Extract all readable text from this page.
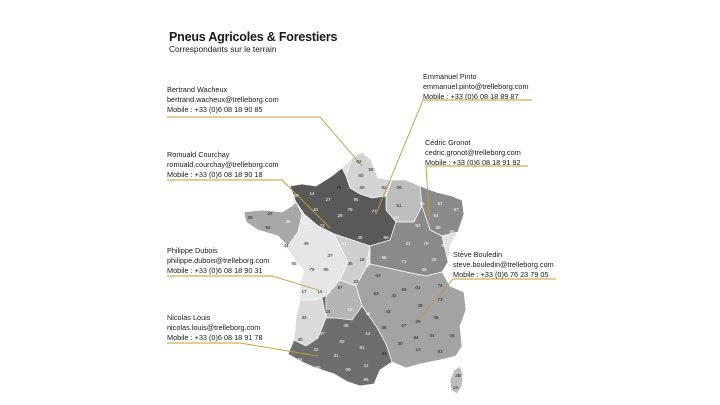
Pneus Agricoles & Forestiers
Correspondants sur le terrain
Bertrand Wacheux
bertrand.wacheux@trelleborg.com
Mobile : +33 (0)6 08 18 90 85
Emmanuel Pinto
emmanuel.pinto@trelleborg.com
Mobile : +33 (0)6 08 18 89 87
Cédric Gronot
cedric.gronot@trelleborg.com
Mobile : +33 (0)6 08 18 91 92
Romuald Courchay
romuald.courchay@trelleborg.com
Mobile : +33 (0)6 08 18 90 18
Philippe Dubois
philippe.dubois@trelleborg.com
Mobile : +33 (0)6 08 18 90 31
Stève Bouledin
steve.bouledin@trelleborg.com
Mobile : +33 (0)6 76 23 79 05
Nicolas Louis
nicolas.louis@trelleborg.com
Mobile : +33 (0)6 08 18 91 78
62
59
80
76	02 08
60
95
27
14
50
61
28
78	77
51	55	57
54
67
88
68
10
52
29
22
56
35	53 72
44	49
37
41
45	89
21	70	90
25
39
71
58
18
36
86
79
85
17 16
87
23
03
42
69 01	74
73
38
63
15	43
07
26
05
04	06
83
13
84
30
48
12
19
24
33
46
47
82
81
34
11
66
09
31
32
65
64
40
2B
2A
